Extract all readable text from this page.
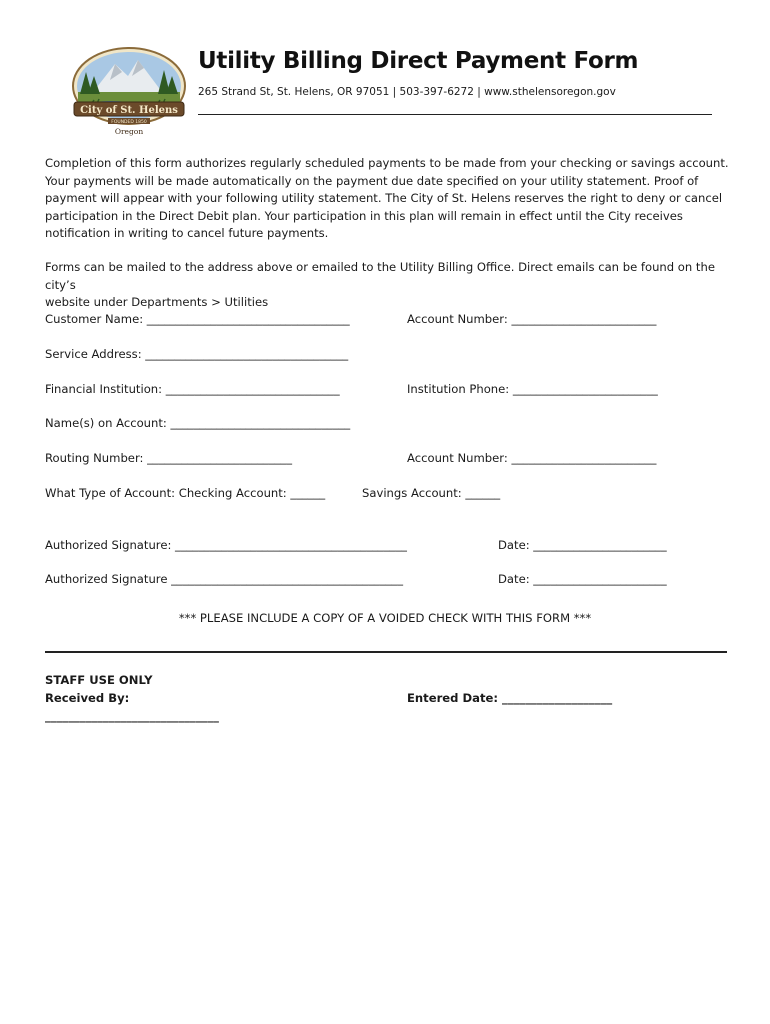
City of St. Helens
FOUNDED 1850
Oregon
Utility Billing Direct Payment Form
265 Strand St, St. Helens, OR 97051 | 503-397-6272 | www.sthelensoregon.gov
Completion of this form authorizes regularly scheduled payments to be made from your checking or savings account.
Your payments will be made automatically on the payment due date specified on your utility statement. Proof of
payment will appear with your following utility statement. The City of St. Helens reserves the right to deny or cancel
participation in the Direct Debit plan. Your participation in this plan will remain in effect until the City receives
notification in writing to cancel future payments.
Forms can be mailed to the address above or emailed to the Utility Billing Office. Direct emails can be found on the city’s
website under Departments > Utilities
Customer Name: ___________________________________	Account Number: _________________________
Service Address: ___________________________________
Financial Institution: ______________________________	Institution Phone: _________________________
Name(s) on Account: _______________________________
Routing Number: _________________________	Account Number: _________________________
What Type of Account: Checking Account: ______	Savings Account: ______
Authorized Signature: ________________________________________	Date: _______________________
Authorized Signature ________________________________________	Date: _______________________
*** PLEASE INCLUDE A COPY OF A VOIDED CHECK WITH THIS FORM ***
STAFF USE ONLY
Received By:
______________________________
Entered Date: ___________________
